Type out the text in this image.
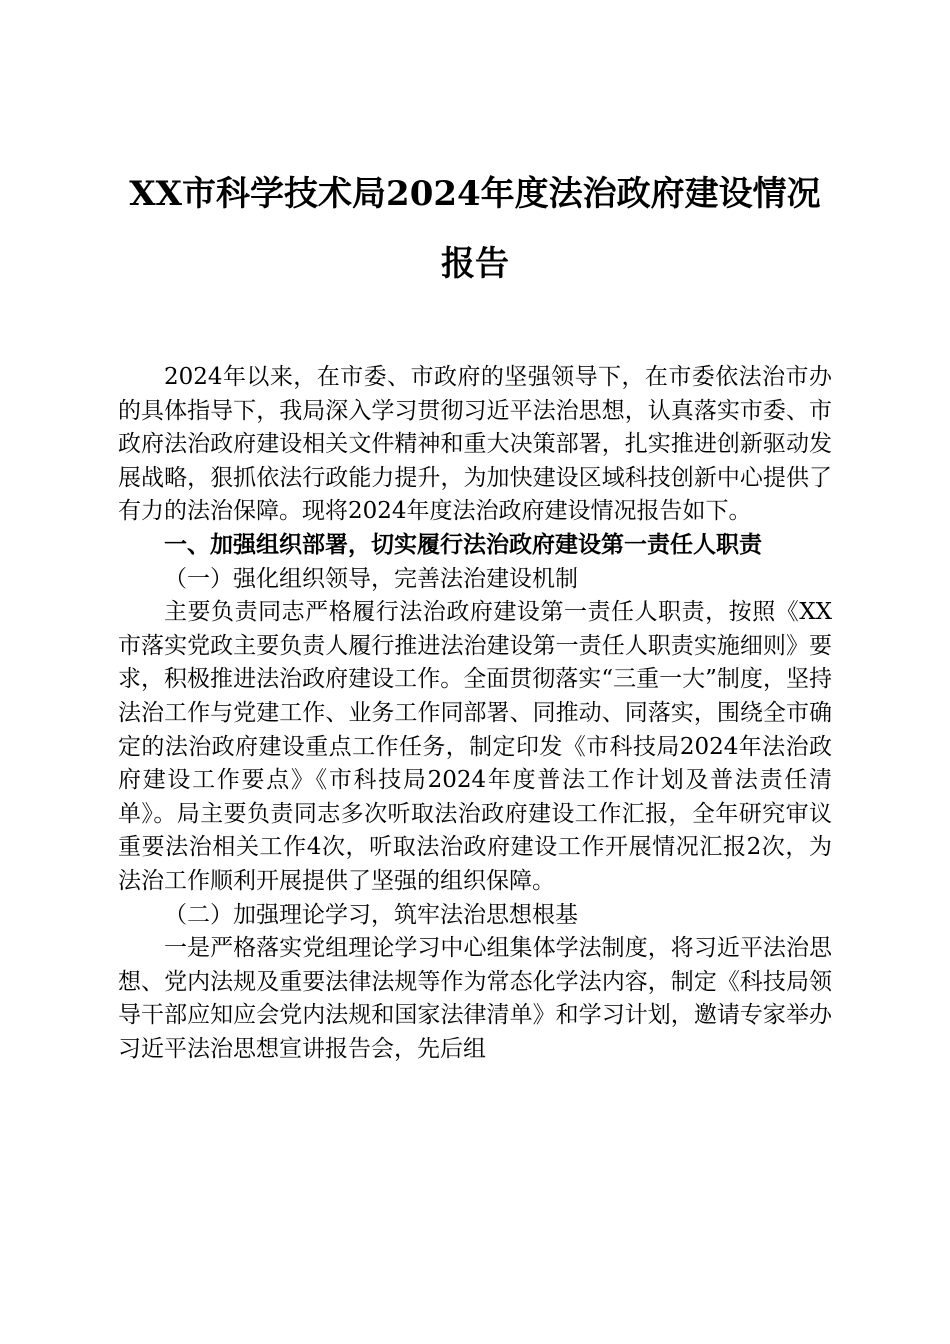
XX市科学技术局2024年度法治政府建设情况
报告

2024年以来，在市委、市政府的坚强领导下，在市委依法治市办的具体指导下，我局深入学习贯彻习近平法治思想，认真落实市委、市政府法治政府建设相关文件精神和重大决策部署，扎实推进创新驱动发展战略，狠抓依法行政能力提升，为加快建设区域科技创新中心提供了有力的法治保障。现将2024年度法治政府建设情况报告如下。

一、加强组织部署，切实履行法治政府建设第一责任人职责

（一）强化组织领导，完善法治建设机制

主要负责同志严格履行法治政府建设第一责任人职责，按照《XX市落实党政主要负责人履行推进法治建设第一责任人职责实施细则》要求，积极推进法治政府建设工作。全面贯彻落实“三重一大”制度，坚持法治工作与党建工作、业务工作同部署、同推动、同落实，围绕全市确定的法治政府建设重点工作任务，制定印发《市科技局2024年法治政府建设工作要点》《市科技局2024年度普法工作计划及普法责任清单》。局主要负责同志多次听取法治政府建设工作汇报，全年研究审议重要法治相关工作4次，听取法治政府建设工作开展情况汇报2次，为法治工作顺利开展提供了坚强的组织保障。

（二）加强理论学习，筑牢法治思想根基

一是严格落实党组理论学习中心组集体学法制度，将习近平法治思想、党内法规及重要法律法规等作为常态化学法内容，制定《科技局领导干部应知应会党内法规和国家法律清单》和学习计划，邀请专家举办习近平法治思想宣讲报告会，先后组
